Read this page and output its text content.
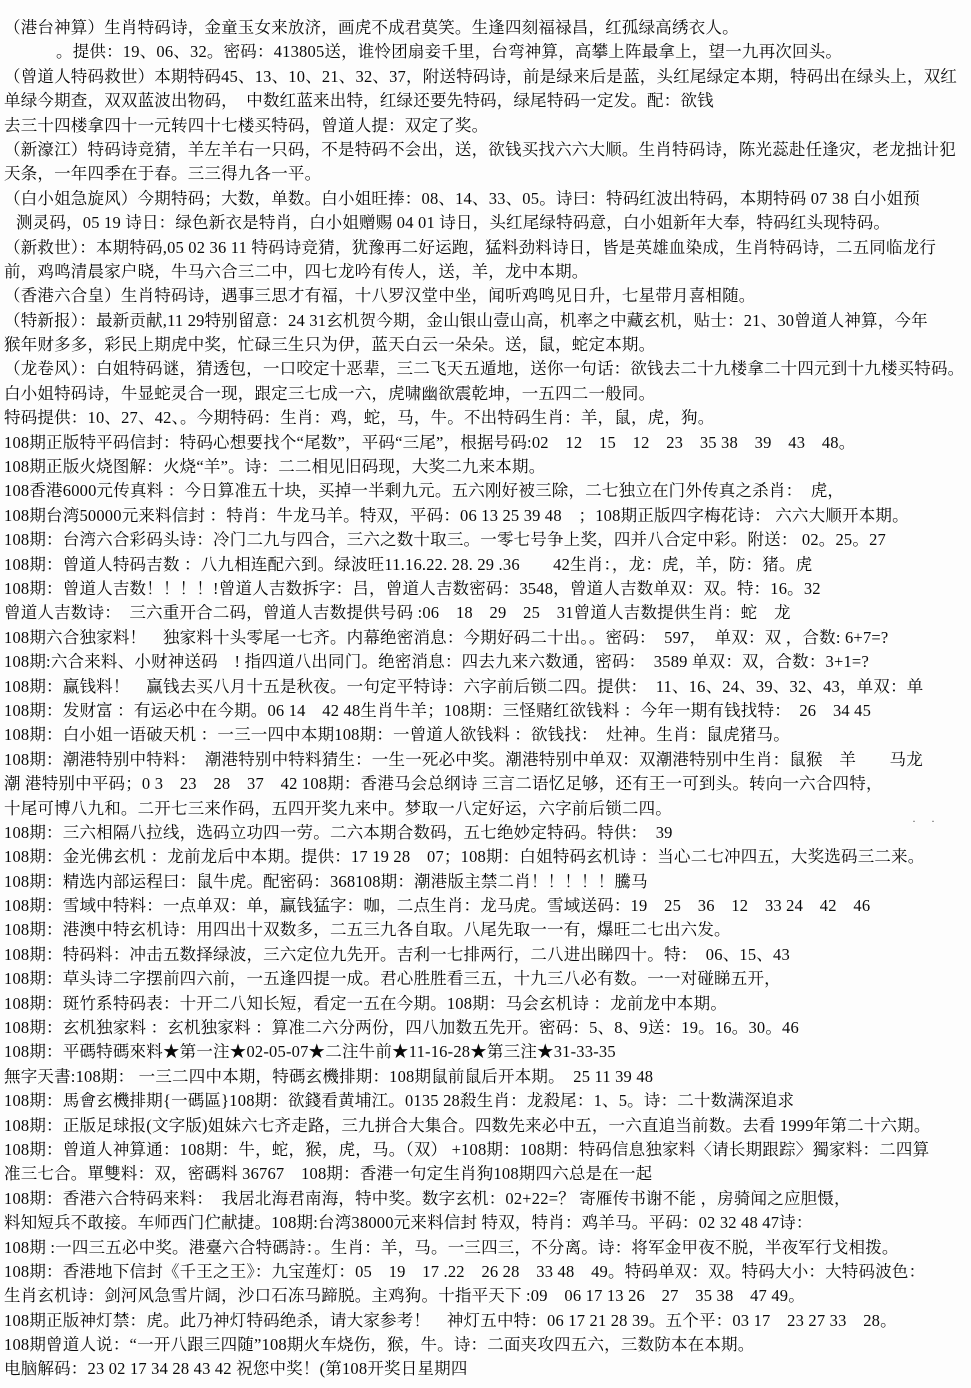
（港台神算）生肖特码诗，金童玉女来放济，画虎不成君莫笑。生逢四刻福禄昌，红孤绿高绣衣人。
。提供：19、06、32。密码：413805送，谁怜团扇妾千里，台弯神算，高攀上阵最拿上，望一九再次回头。
（曾道人特码救世）本期特码45、13、10、21、32、37，附送特码诗，前是绿来后是蓝，头红尾绿定本期，特码出在绿头上，双红
单绿今期查，双双蓝波出物码，　中数红蓝来出特，红绿还要先特码，绿尾特码一定发。配：欲钱
去三十四楼拿四十一元转四十七楼买特码，曾道人提：双定了奖。
（新濠江）特码诗竞猜，羊左羊右一只码，不是特码不会出，送，欲钱买找六六大顺。生肖特码诗，陈光蕊赴任逢灾，老龙拙计犯
天条，一年四季在于春。三三得九各一平。
（白小姐急旋风）今期特码；大数，单数。白小姐旺捧：08、14、33、05。诗曰：特码红波出特码，本期特码 07 38 白小姐预
测灵码，05 19 诗日：绿色新衣是特肖，白小姐赠赐 04 01 诗日，头红尾绿特码意，白小姐新年大奉，特码红头现特码。
（新救世）：本期特码,05 02 36 11 特码诗竞猜，犹豫再二好运跑，猛料劲料诗日，皆是英雄血染成，生肖特码诗，二五同临龙行
前，鸡鸣清晨家户晓，牛马六合三二中，四七龙吟有传人，送，羊，龙中本期。
（香港六合皇）生肖特码诗，遇事三思才有福，十八罗汉堂中坐，闻听鸡鸣见日升，七星带月喜相随。
（特新报）：最新贡献,11 29特别留意：24 31玄机贺今期，金山银山壹山高，机率之中藏玄机，贴士：21、30曾道人神算，今年
猴年财多多，彩民上期虎中奖，忙碌三生只为伊，蓝天白云一朵朵。送，鼠，蛇定本期。
（龙卷风）：白姐特码谜，猜透包，一口咬定十恶辈，三二飞天五遁地，送你一句话：欲钱去二十九楼拿二十四元到十九楼买特码。
白小姐特码诗，牛显蛇灵合一现，跟定三七成一六，虎啸幽欲震乾坤，一五四二一般同。
特码提供：10、27、42、。今期特码：生肖：鸡，蛇，马，牛。不出特码生肖：羊，鼠，虎，狗。
108期正版特平码信封：特码心想要找个“尾数”，平码“三尾”，根据号码:02　12　15　12　23　35 38　39　43　48。
108期正版火烧图解：火烧“羊”。诗：二二相见旧码现，大奖二九来本期。
108香港6000元传真料 ：今日算准五十块，买掉一半剩九元。五六刚好被三除，二七独立在门外传真之杀肖：　虎，
108期台湾50000元来料信封 ：特肖：牛龙马羊。特双，平码：06 13 25 39 48　；108期正版四字梅花诗： 六六大顺开本期。
108期：台湾六合彩码头诗：冷门二九与四合，三六之数十取三。一零七号争上奖，四并八合定中彩。附送： 02。25。27
108期：曾道人特码吉数 ：八九相连配六到。绿波旺11.16.22. 28. 29 .36　　42生肖：，龙：虎，羊，防：猪。虎
108期：曾道人吉数！！！！!曾道人吉数拆字：吕，曾道人吉数密码：3548，曾道人吉数单双：双。特：16。32
曾道人吉数诗：　三六重开合二码，曾道人吉数提供号码 :06　18　29　25　31曾道人吉数提供生肖：蛇　龙
108期六合独家料！　独家料十头零尾一七齐。内幕绝密消息：今期好码二十出。。密码：　597，　单双：双 ，合数: 6+7=?
108期:六合来料、小财神送码　! 指四道八出同门。绝密消息：四去九来六数通，密码：　3589 单双：双，合数：3+1=?
108期：赢钱料！　赢钱去买八月十五是秋夜。一句定平特诗：六字前后锁二四。提供：　11、16、24、39、32、43，单双：单
108期：发财富 ：有运必中在今期。06 14　42 48生肖牛羊；108期：三怪赌红欲钱料 ：今年一期有钱找特：　26　34 45
108期：白小姐一语破天机 ：一三一四中本期108期：一曾道人欲钱料 ：欲钱找：　灶神。生肖：鼠虎猪马。
108期：潮港特别中特料：　潮港特别中特料猜生：一生一死必中奖。潮港特别中单双：双潮港特别中生肖：鼠猴　羊　　马龙
潮 港特别中平码；0 3　23　28　37　42 108期：香港马会总纲诗 三言二语忆足够，还有王一可到头。转向一六合四特，
十尾可博八九和。二开七三来作码，五四开奖九来中。梦取一八定好运，六字前后锁二四。
108期：三六相隔八拉线，选码立功四一劳。二六本期合数码，五七绝妙定特码。特供：　39
108期：金光佛玄机 ：龙前龙后中本期。提供：17 19 28　07；108期：白姐特码玄机诗 ：当心二七冲四五，大奖选码三二来。
108期：精选内部运程曰：鼠牛虎。配密码：368108期：潮港版主禁二肖！！！！！騰马
108期：雪域中特料：一点单双：单，赢钱猛字：咖，二点生肖：龙马虎。雪域送码：19　25　36　12　33 24　42　46
108期：港澳中特玄机诗：用四出十双数多，二五三九各自取。八尾先取一一有，爆旺二七出六发。
108期：特码料：冲击五数择绿波，三六定位九先开。吉利一七排两行，二八进出睇四十。特：　06、15、43
108期：草头诗二字摆前四六前，一五逢四提一成。君心胜胜看三五，十九三八必有数。一一对碰睇五开，
108期：斑竹系特码表：十开二八知长短，看定一五在今期。108期：马会玄机诗 ：龙前龙中本期。
108期：玄机独家料 ：玄机独家料 ：算准二六分两份，四八加数五先开。密码：5、8、9送：19。16。30。46
108期：平碼特碼來料★第一注★02-05-07★二注牛前★11-16-28★第三注★31-33-35
無字天書:108期： 一三二四中本期，特碼玄機排期：108期鼠前鼠后开本期。　25 11 39 48
108期：馬會玄機排期{一碼區}108期：欲錢看黄埔江。0135 28殺生肖：龙殺尾：1、5。诗：二十数满深追求
108期：正版足球报(文字版)姐妹六七齐走路，三九拼合大集合。四数先来必中五，一六直追当前数。去看 1999年第二十六期。
108期：曾道人神算通：108期：牛，蛇，猴，虎，马。（双） +108期：108期：特码信息独家料〈请长期跟踪〉獨家料：二四算
准三七合。單雙料：双，密碼料 36767　108期：香港一句定生肖狗108期四六总是在一起
108期：香港六合特码来料：　我居北海君南海，特中奖。数字玄机：02+22=？ 寄雁传书谢不能 ，房骑闻之应胆慑，
料知短兵不敢接。车师西门伫献捷。108期:台湾38000元来料信封 特双，特肖：鸡羊马。平码：02 32 48 47诗：
108期 :一四三五必中奖。港臺六合特碼詩：。生肖：羊，马。一三四三，不分离。诗：将军金甲夜不脱，半夜军行戈相拨。
108期：香港地下信封《千王之王》：九宝莲灯：05　19　17 .22　26 28　33 48　49。特码单双：双。特码大小：大特码波色：
生肖玄机诗：剑河风急雪片阔，沙口石冻马蹄脱。主鸡狗。十指平天下 :09　06 17 13 26　27　35 38　47 49。
108期正版神灯禁：虎。此乃神灯特码绝杀，请大家参考！　神灯五中特：06 17 21 28 39。五个平：03 17　23 27 33　28。
108期曾道人说：“一开八跟三四随”108期火车烧伤，猴，牛。诗：二面夹攻四五六，三数防本在本期。
电脑解码：23 02 17 34 28 43 42 祝您中奖！(第108开奖日星期四
· ·
